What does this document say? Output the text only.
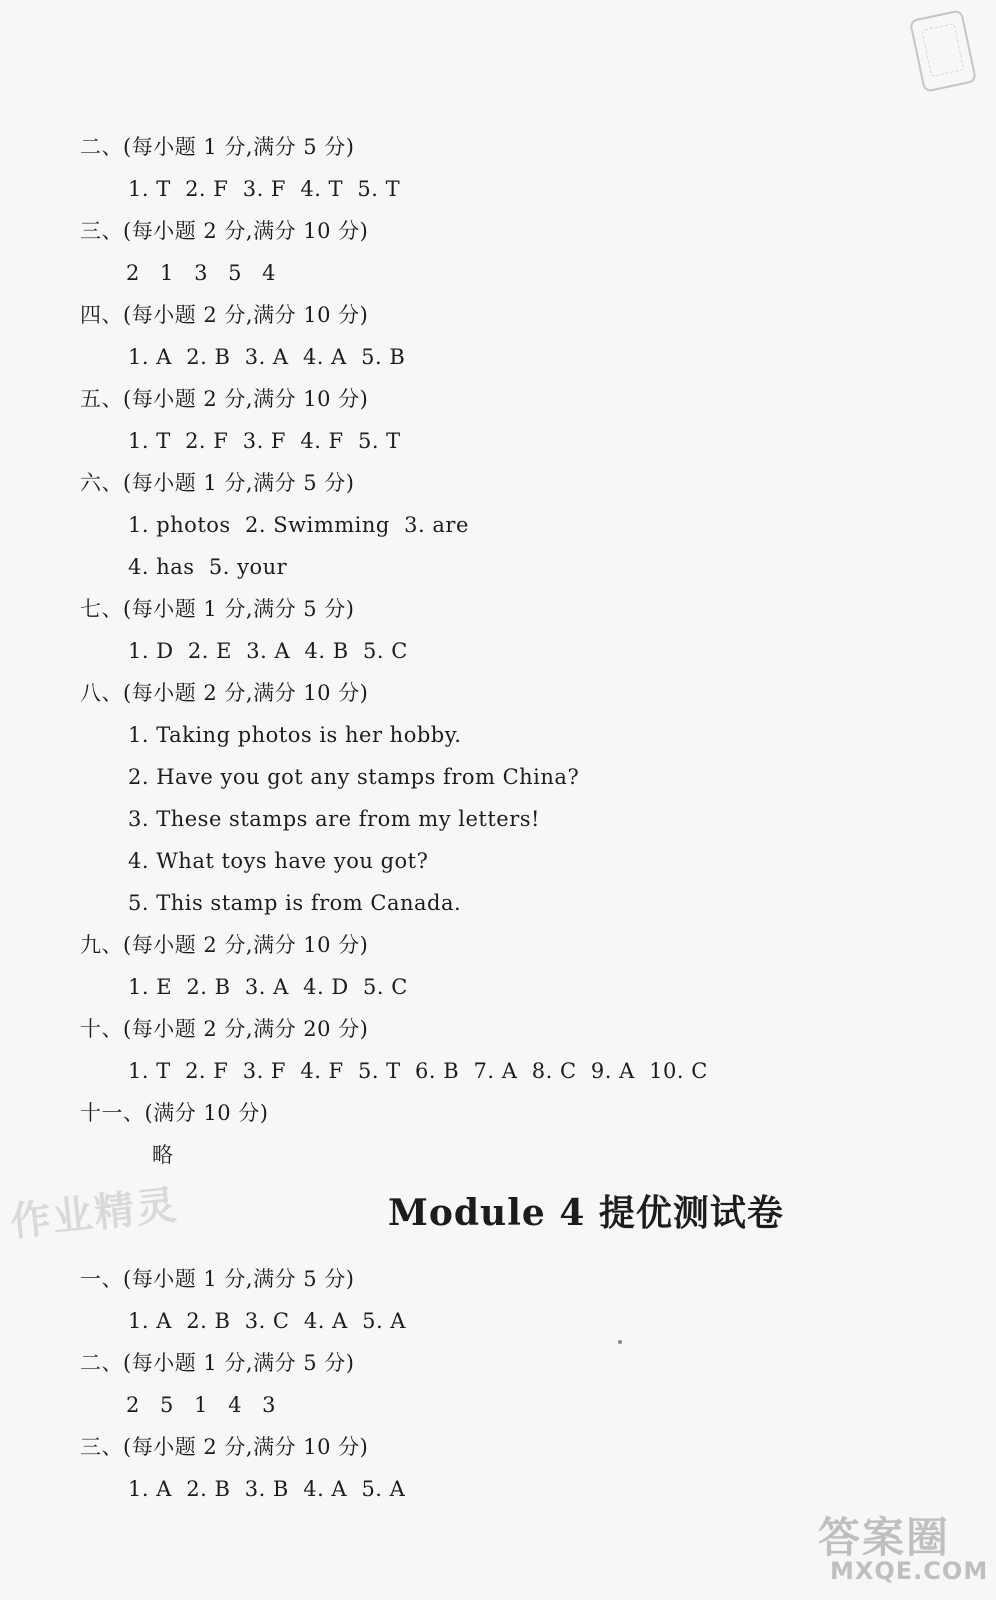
二、(每小题 1 分,满分 5 分)
1. T  2. F  3. F  4. T  5. T
三、(每小题 2 分,满分 10 分)
2 1 3 5 4
四、(每小题 2 分,满分 10 分)
1. A  2. B  3. A  4. A  5. B
五、(每小题 2 分,满分 10 分)
1. T  2. F  3. F  4. F  5. T
六、(每小题 1 分,满分 5 分)
1. photos  2. Swimming  3. are
4. has  5. your
七、(每小题 1 分,满分 5 分)
1. D  2. E  3. A  4. B  5. C
八、(每小题 2 分,满分 10 分)
1. Taking photos is her hobby.
2. Have you got any stamps from China?
3. These stamps are from my letters!
4. What toys have you got?
5. This stamp is from Canada.
九、(每小题 2 分,满分 10 分)
1. E  2. B  3. A  4. D  5. C
十、(每小题 2 分,满分 20 分)
1. T  2. F  3. F  4. F  5. T  6. B  7. A  8. C  9. A  10. C
十一、(满分 10 分)
略
作业精灵	Module 4 提优测试卷
一、(每小题 1 分,满分 5 分)
1. A  2. B  3. C  4. A  5. A
二、(每小题 1 分,满分 5 分)
2 5 1 4 3
三、(每小题 2 分,满分 10 分)
1. A  2. B  3. B  4. A  5. A
答案圈
MXQE.COM
